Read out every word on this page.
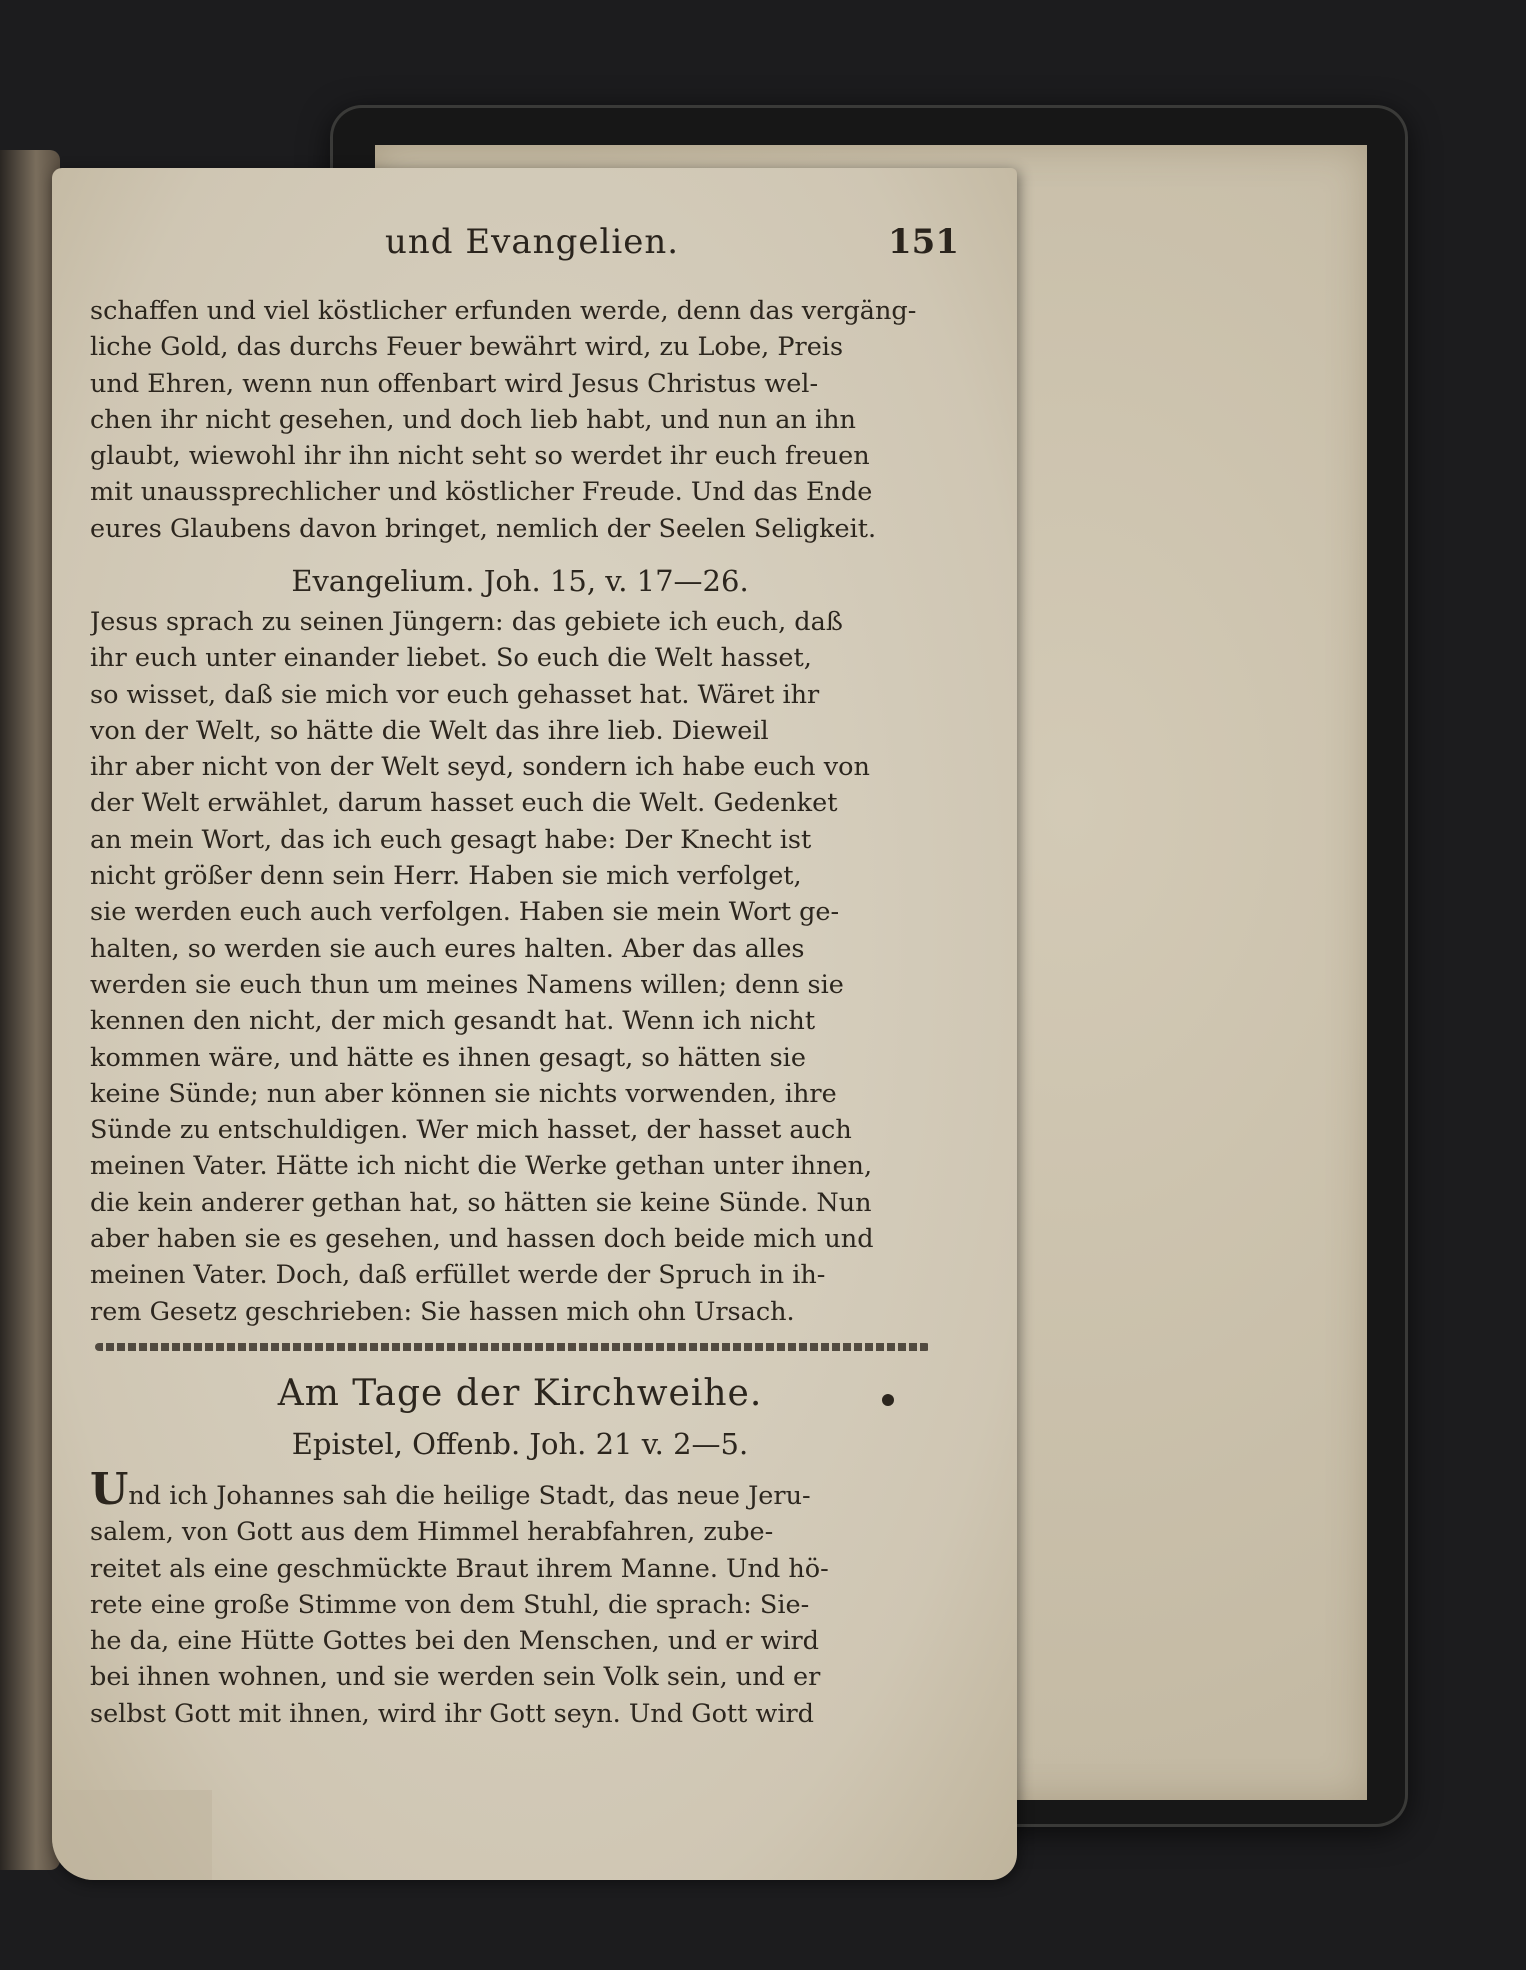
und Evangelien.	151
schaffen und viel köstlicher erfunden werde, denn das vergäng-
liche Gold, das durchs Feuer bewährt wird, zu Lobe, Preis
und Ehren, wenn nun offenbart wird Jesus Christus wel-
chen ihr nicht gesehen, und doch lieb habt, und nun an ihn
glaubt, wiewohl ihr ihn nicht seht so werdet ihr euch freuen
mit unaussprechlicher und köstlicher Freude. Und das Ende
eures Glaubens davon bringet, nemlich der Seelen Seligkeit.
Evangelium. Joh. 15, v. 17—26.
Jesus sprach zu seinen Jüngern: das gebiete ich euch, daß
ihr euch unter einander liebet. So euch die Welt hasset,
so wisset, daß sie mich vor euch gehasset hat. Wäret ihr
von der Welt, so hätte die Welt das ihre lieb. Dieweil
ihr aber nicht von der Welt seyd, sondern ich habe euch von
der Welt erwählet, darum hasset euch die Welt. Gedenket
an mein Wort, das ich euch gesagt habe: Der Knecht ist
nicht größer denn sein Herr. Haben sie mich verfolget,
sie werden euch auch verfolgen. Haben sie mein Wort ge-
halten, so werden sie auch eures halten. Aber das alles
werden sie euch thun um meines Namens willen; denn sie
kennen den nicht, der mich gesandt hat. Wenn ich nicht
kommen wäre, und hätte es ihnen gesagt, so hätten sie
keine Sünde; nun aber können sie nichts vorwenden, ihre
Sünde zu entschuldigen. Wer mich hasset, der hasset auch
meinen Vater. Hätte ich nicht die Werke gethan unter ihnen,
die kein anderer gethan hat, so hätten sie keine Sünde. Nun
aber haben sie es gesehen, und hassen doch beide mich und
meinen Vater. Doch, daß erfüllet werde der Spruch in ih-
rem Gesetz geschrieben: Sie hassen mich ohn Ursach.
Am Tage der Kirchweihe.
Epistel, Offenb. Joh. 21 v. 2—5.
Und ich Johannes sah die heilige Stadt, das neue Jeru-
salem, von Gott aus dem Himmel herabfahren, zube-
reitet als eine geschmückte Braut ihrem Manne. Und hö-
rete eine große Stimme von dem Stuhl, die sprach: Sie-
he da, eine Hütte Gottes bei den Menschen, und er wird
bei ihnen wohnen, und sie werden sein Volk sein, und er
selbst Gott mit ihnen, wird ihr Gott seyn. Und Gott wird
